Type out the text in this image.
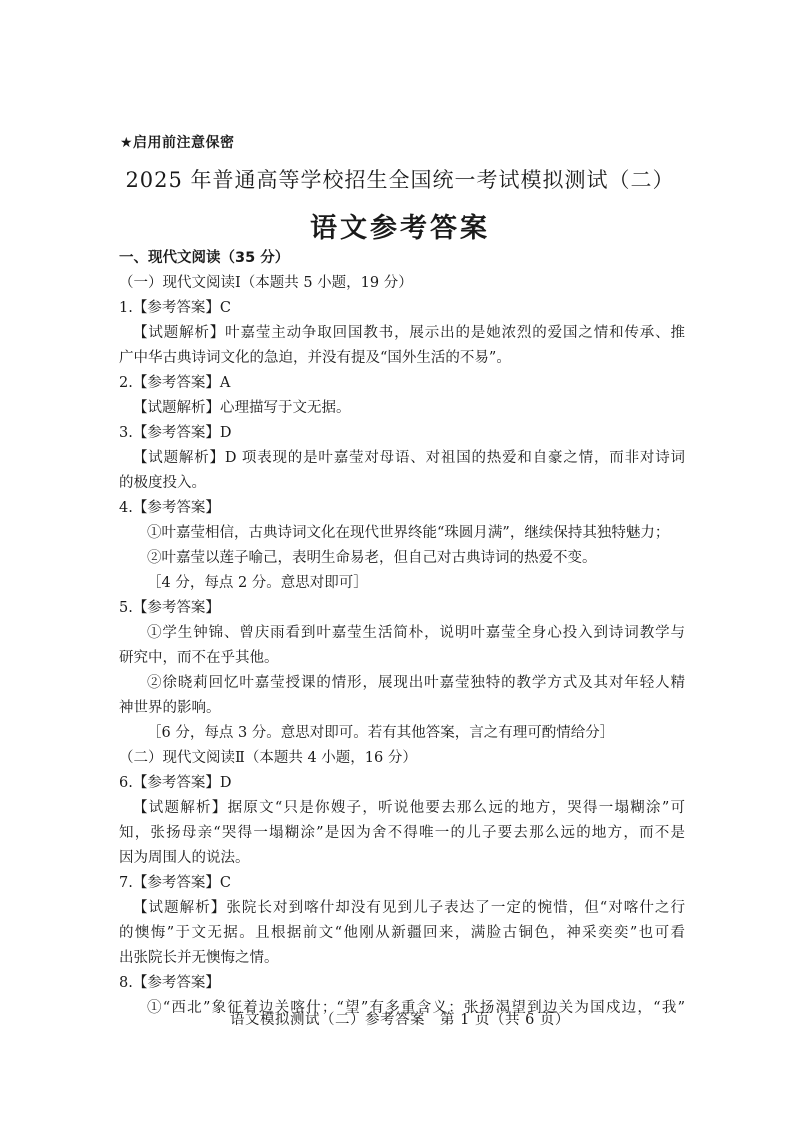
★启用前注意保密
2025 年普通高等学校招生全国统一考试模拟测试（二）
语文参考答案
一、现代文阅读（35 分）
（一）现代文阅读Ⅰ（本题共 5 小题，19 分）
1.【参考答案】C
【试题解析】叶嘉莹主动争取回国教书，展示出的是她浓烈的爱国之情和传承、推
广中华古典诗词文化的急迫，并没有提及“国外生活的不易”。
2.【参考答案】A
【试题解析】心理描写于文无据。
3.【参考答案】D
【试题解析】D 项表现的是叶嘉莹对母语、对祖国的热爱和自豪之情，而非对诗词
的极度投入。
4.【参考答案】
①叶嘉莹相信，古典诗词文化在现代世界终能“珠圆月满”，继续保持其独特魅力；
②叶嘉莹以莲子喻己，表明生命易老，但自己对古典诗词的热爱不变。
［4 分，每点 2 分。意思对即可］
5.【参考答案】
①学生钟锦、曾庆雨看到叶嘉莹生活简朴，说明叶嘉莹全身心投入到诗词教学与
研究中，而不在乎其他。
②徐晓莉回忆叶嘉莹授课的情形，展现出叶嘉莹独特的教学方式及其对年轻人精
神世界的影响。
［6 分，每点 3 分。意思对即可。若有其他答案，言之有理可酌情给分］
（二）现代文阅读Ⅱ（本题共 4 小题，16 分）
6.【参考答案】D
【试题解析】据原文“只是你嫂子，听说他要去那么远的地方，哭得一塌糊涂”可
知，张扬母亲“哭得一塌糊涂”是因为舍不得唯一的儿子要去那么远的地方，而不是
因为周围人的说法。
7.【参考答案】C
【试题解析】张院长对到喀什却没有见到儿子表达了一定的惋惜，但“对喀什之行
的懊悔”于文无据。且根据前文“他刚从新疆回来，满脸古铜色，神采奕奕”也可看
出张院长并无懊悔之情。
8.【参考答案】
①“西北”象征着边关喀什；“望”有多重含义：张扬渴望到边关为国戍边，“我”
语文模拟测试（二）参考答案　第 1 页（共 6 页）
